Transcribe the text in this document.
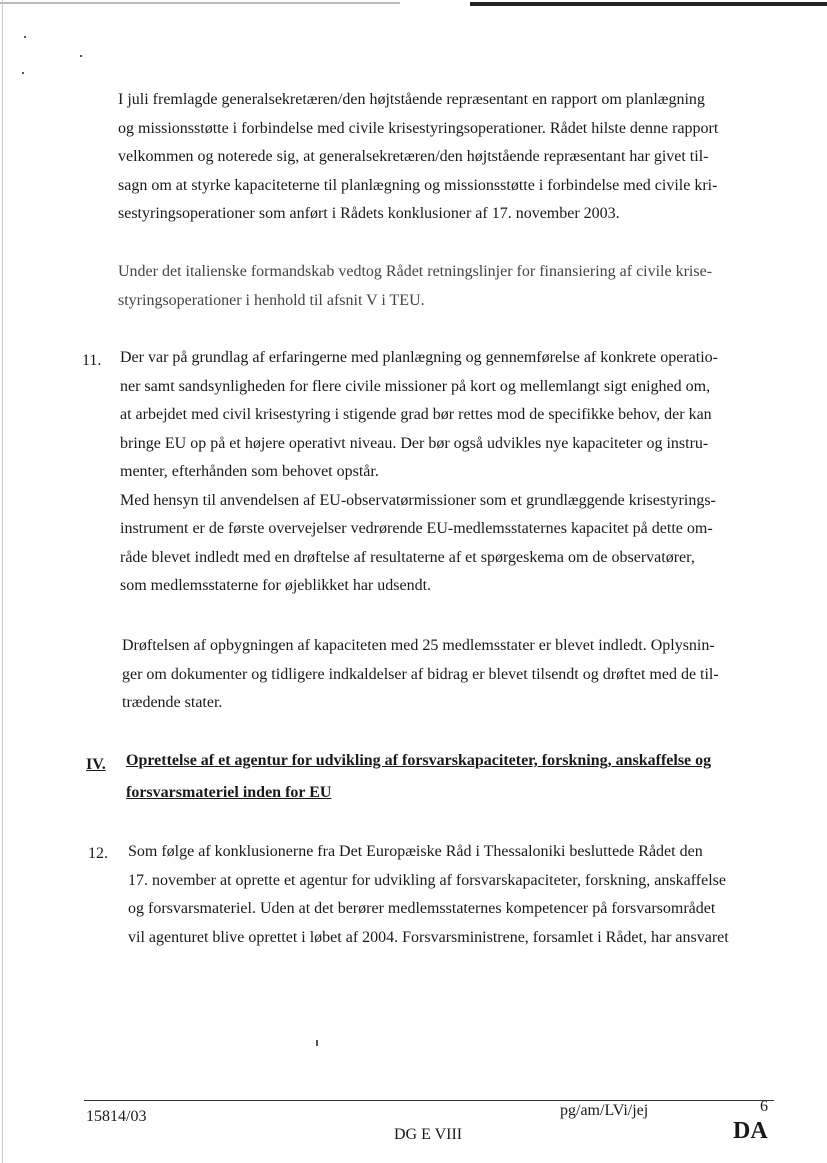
I juli fremlagde generalsekretæren/den højtstående repræsentant en rapport om planlægning
og missionsstøtte i forbindelse med civile krisestyringsoperationer. Rådet hilste denne rapport
velkommen og noterede sig, at generalsekretæren/den højtstående repræsentant har givet til-
sagn om at styrke kapaciteterne til planlægning og missionsstøtte i forbindelse med civile kri-
sestyringsoperationer som anført i Rådets konklusioner af 17. november 2003.
Under det italienske formandskab vedtog Rådet retningslinjer for finansiering af civile krise-
styringsoperationer i henhold til afsnit V i TEU.
11. Der var på grundlag af erfaringerne med planlægning og gennemførelse af konkrete operatio-
ner samt sandsynligheden for flere civile missioner på kort og mellemlangt sigt enighed om,
at arbejdet med civil krisestyring i stigende grad bør rettes mod de specifikke behov, der kan
bringe EU op på et højere operativt niveau. Der bør også udvikles nye kapaciteter og instru-
menter, efterhånden som behovet opstår.
Med hensyn til anvendelsen af EU-observatørmissioner som et grundlæggende krisestyrings-
instrument er de første overvejelser vedrørende EU-medlemsstaternes kapacitet på dette om-
råde blevet indledt med en drøftelse af resultaterne af et spørgeskema om de observatører,
som medlemsstaterne for øjeblikket har udsendt.
Drøftelsen af opbygningen af kapaciteten med 25 medlemsstater er blevet indledt. Oplysnin-
ger om dokumenter og tidligere indkaldelser af bidrag er blevet tilsendt og drøftet med de til-
trædende stater.
IV. Oprettelse af et agentur for udvikling af forsvarskapaciteter, forskning, anskaffelse og
forsvarsmateriel inden for EU
12. Som følge af konklusionerne fra Det Europæiske Råd i Thessaloniki besluttede Rådet den
17. november at oprette et agentur for udvikling af forsvarskapaciteter, forskning, anskaffelse
og forsvarsmateriel. Uden at det berører medlemsstaternes kompetencer på forsvarsområdet
vil agenturet blive oprettet i løbet af 2004. Forsvarsministrene, forsamlet i Rådet, har ansvaret
15814/03
DG E VIII
pg/am/LVi/jej	6
DA
